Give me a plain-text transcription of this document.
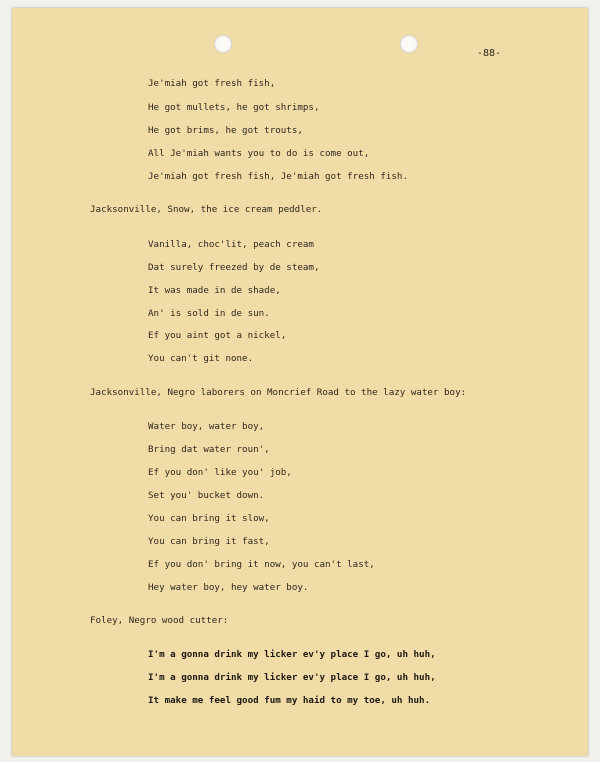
-88-
Je'miah got fresh fish,
He got mullets, he got shrimps,
He got brims, he got trouts,
All Je'miah wants you to do is come out,
Je'miah got fresh fish, Je'miah got fresh fish.
Jacksonville, Snow, the ice cream peddler.
Vanilla, choc'lit, peach cream
Dat surely freezed by de steam,
It was made in de shade,
An' is sold in de sun.
Ef you aint got a nickel,
You can't git none.
Jacksonville, Negro laborers on Moncrief Road to the lazy water boy:
Water boy, water boy,
Bring dat water roun',
Ef you don' like you' job,
Set you' bucket down.
You can bring it slow,
You can bring it fast,
Ef you don' bring it now, you can't last,
Hey water boy, hey water boy.
Foley, Negro wood cutter:
I'm a gonna drink my licker ev'y place I go, uh huh,
I'm a gonna drink my licker ev'y place I go, uh huh,
It make me feel good fum my haid to my toe, uh huh.
